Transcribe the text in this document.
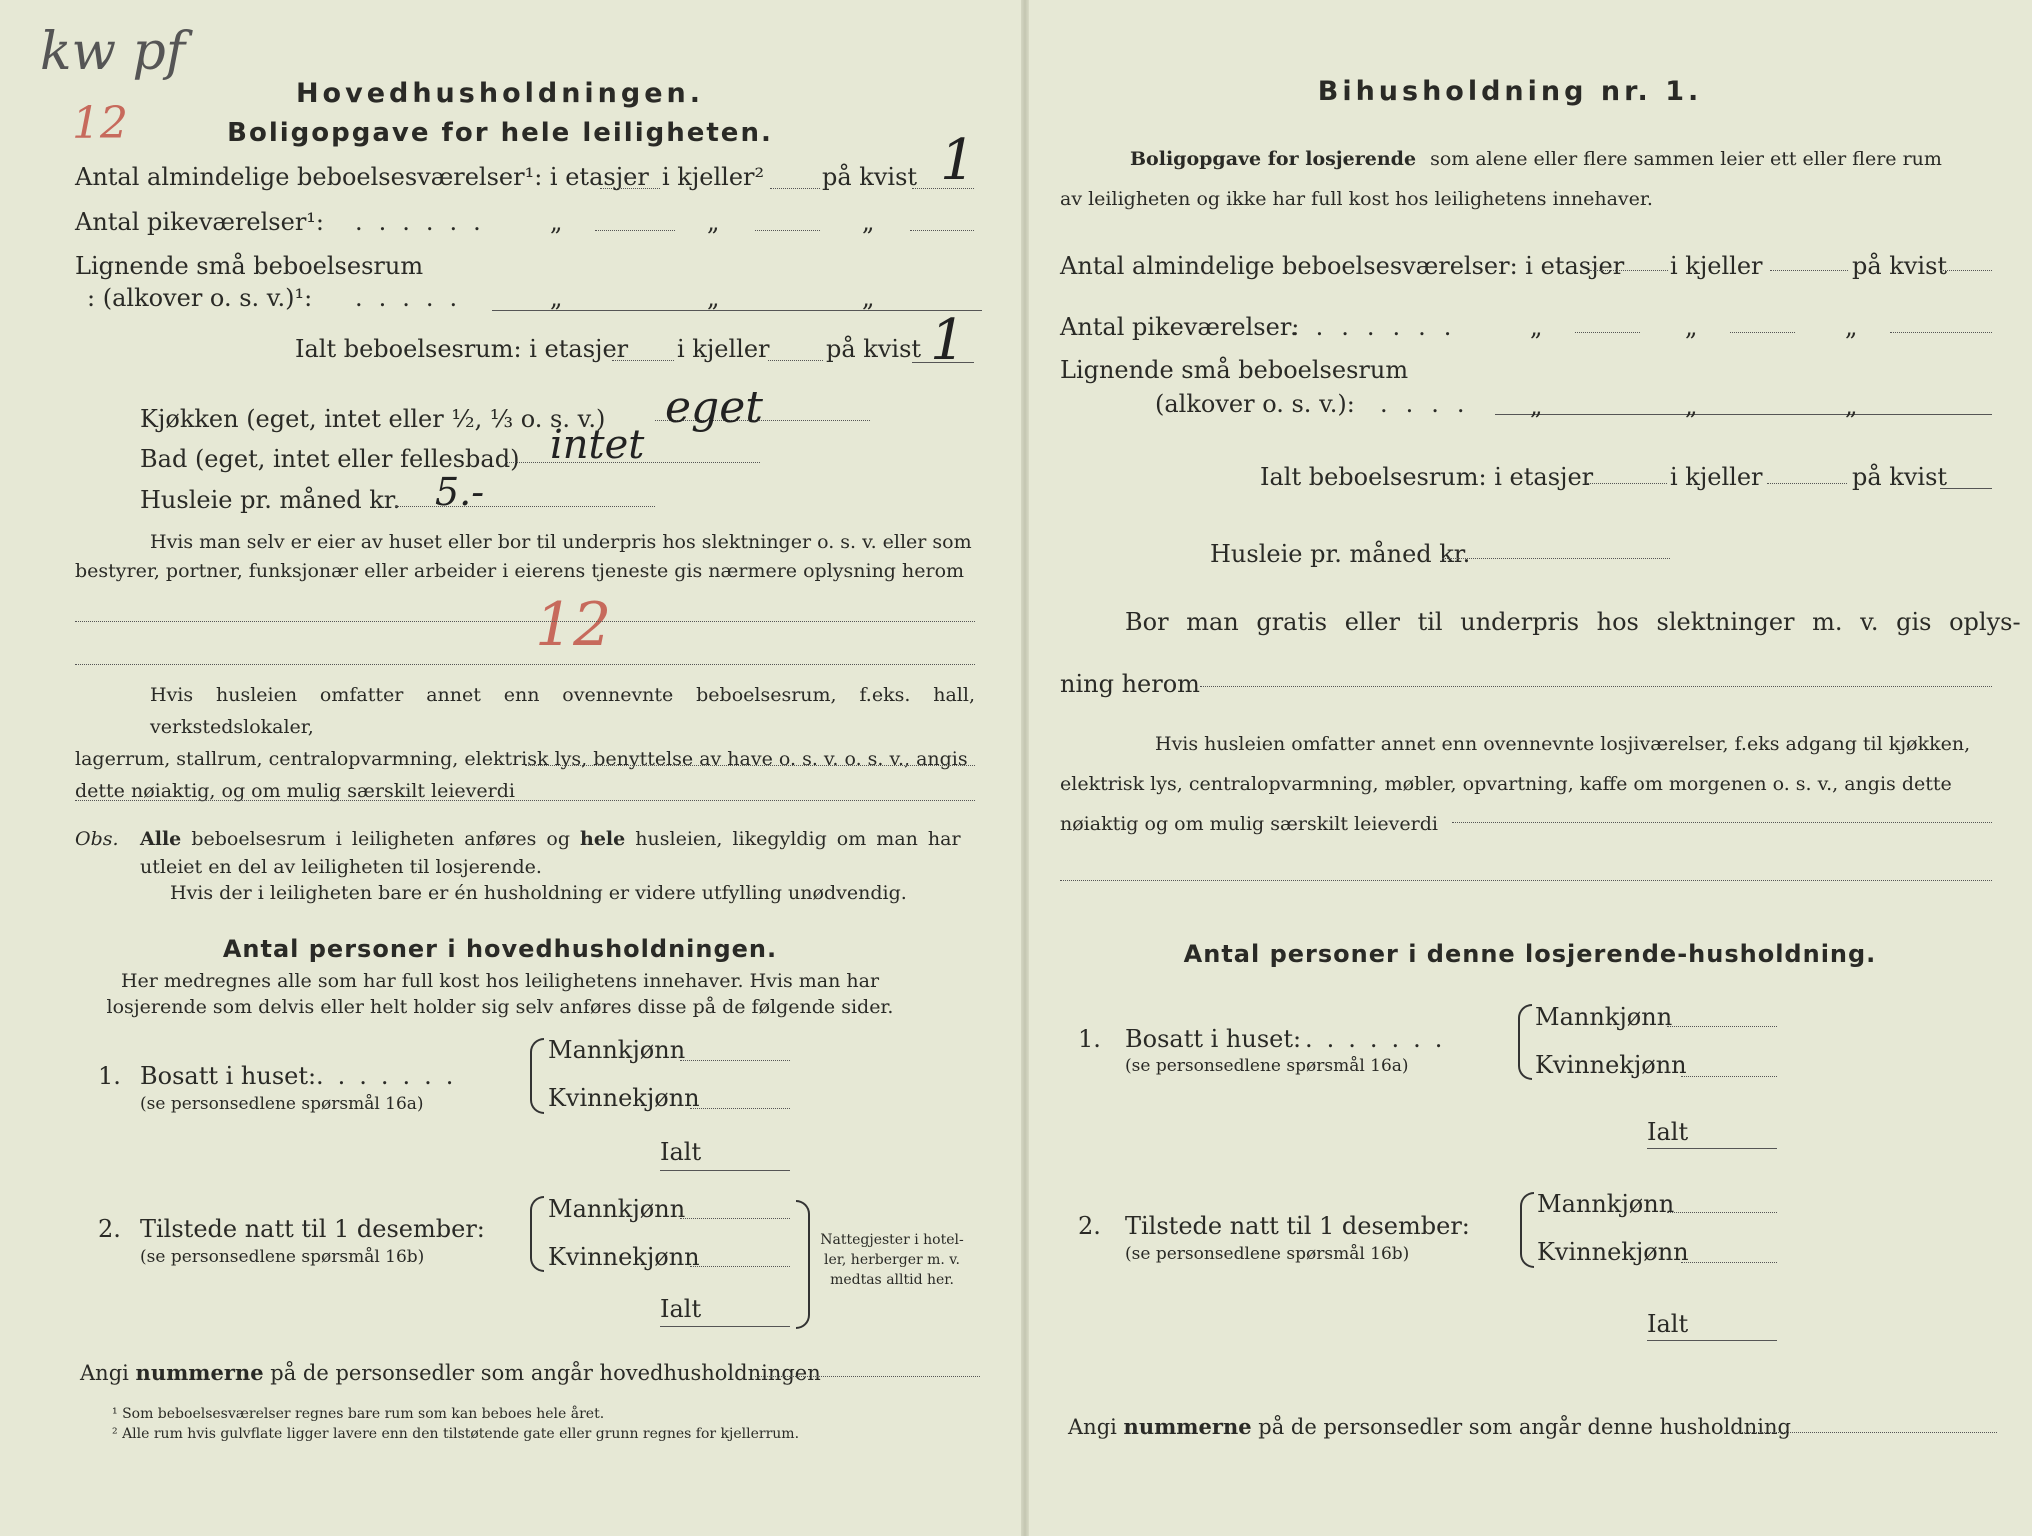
kw pf
12
Hovedhusholdningen.
Boligopgave for hele leiligheten.
Antal almindelige beboelsesværelser¹: i etasjer i kjeller² på kvist 1
Antal pikeværelser¹: ...... „	„	„
Lignende små beboelsesrum
: (alkover o. s. v.)¹: .....	„	„	„
Ialt beboelsesrum: i etasjer i kjeller på kvist 1
Kjøkken (eget, intet eller ½, ⅓ o. s. v.) eget
Bad (eget, intet eller fellesbad) intet
Husleie pr. måned kr. 5.-
Hvis man selv er eier av huset eller bor til underpris hos slektninger o. s. v. eller som
bestyrer, portner, funksjonær eller arbeider i eierens tjeneste gis nærmere oplysning herom
12
Hvis husleien omfatter annet enn ovennevnte beboelsesrum, f.eks. hall, verkstedslokaler,
lagerrum, stallrum, centralopvarmning, elektrisk lys, benyttelse av have o. s. v. o. s. v., angis
dette nøiaktig, og om mulig særskilt leieverdi
Obs. Alle beboelsesrum i leiligheten anføres og hele husleien, likegyldig om man har
utleiet en del av leiligheten til losjerende.
Hvis der i leiligheten bare er én husholdning er videre utfylling unødvendig.
Antal personer i hovedhusholdningen.
Her medregnes alle som har full kost hos leilighetens innehaver. Hvis man har
losjerende som delvis eller helt holder sig selv anføres disse på de følgende sider.
1. Bosatt i huset: .......
(se personsedlene spørsmål 16a)
Mannkjønn
Kvinnekjønn
Ialt
2. Tilstede natt til 1 desember:
(se personsedlene spørsmål 16b)
Mannkjønn
Kvinnekjønn
Ialt
Nattegjester i hotel-
ler, herberger m. v.
medtas alltid her.
Angi nummerne på de personsedler som angår hovedhusholdningen
¹ Som beboelsesværelser regnes bare rum som kan beboes hele året.
² Alle rum hvis gulvflate ligger lavere enn den tilstøtende gate eller grunn regnes for kjellerrum.
Bihusholdning nr. 1.
Boligopgave for losjerende som alene eller flere sammen leier ett eller flere rum
av leiligheten og ikke har full kost hos leilighetens innehaver.
Antal almindelige beboelsesværelser: i etasjer i kjeller	på kvist
Antal pikeværelser:
.......	„	„	„
Lignende små beboelsesrum
(alkover o. s. v.): .... „	„	„
Ialt beboelsesrum: i etasjer	i kjeller	på kvist
Husleie pr. måned kr.
Bor man gratis eller til underpris hos slektninger m. v. gis oplys-
ning herom
Hvis husleien omfatter annet enn ovennevnte losjiværelser, f.eks adgang til kjøkken,
elektrisk lys, centralopvarmning, møbler, opvartning, kaffe om morgenen o. s. v., angis dette
nøiaktig og om mulig særskilt leieverdi
Antal personer i denne losjerende-husholdning.
1. Bosatt i huset: .......
(se personsedlene spørsmål 16a)
Mannkjønn
Kvinnekjønn
Ialt
2. Tilstede natt til 1 desember:
(se personsedlene spørsmål 16b)
Mannkjønn
Kvinnekjønn
Ialt
Angi nummerne på de personsedler som angår denne husholdning
